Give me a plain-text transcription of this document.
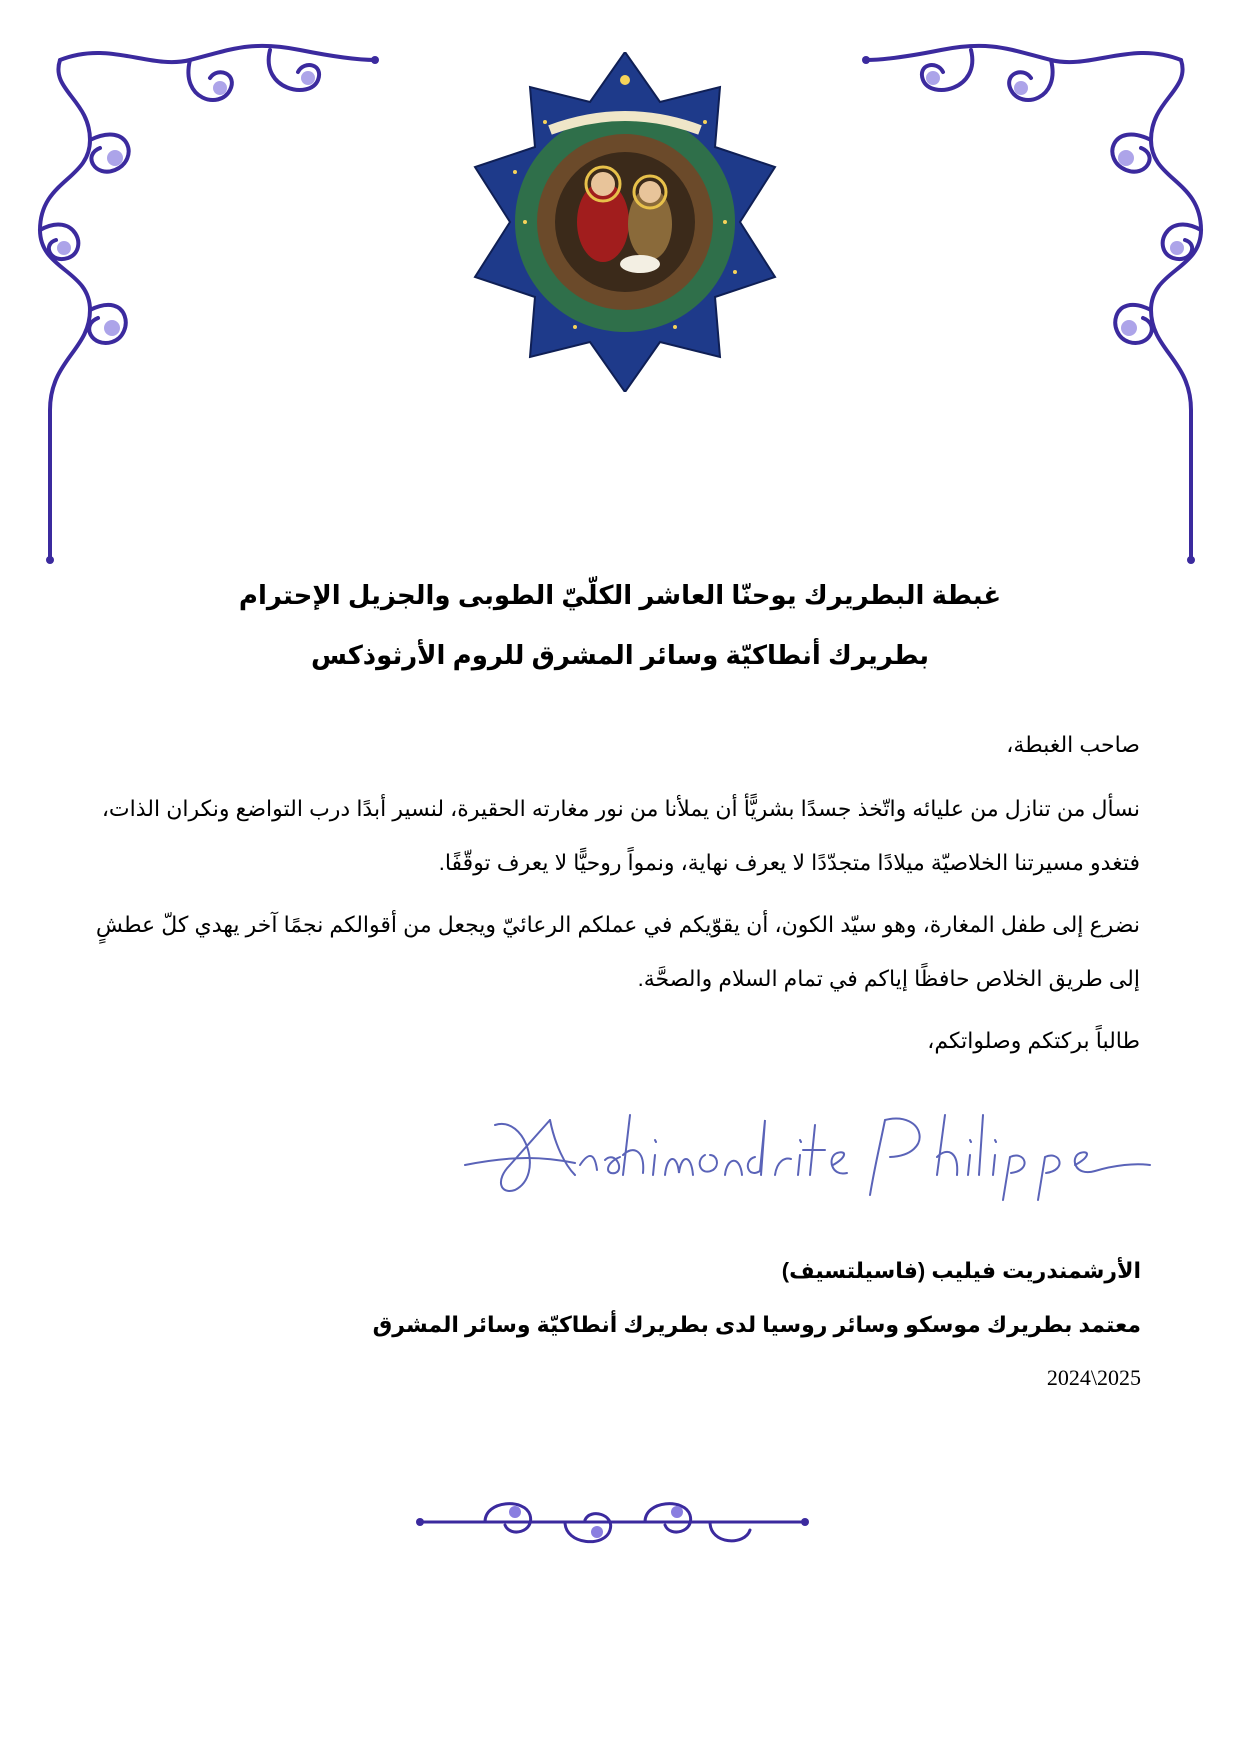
غبطة البطريرك يوحنّا العاشر الكلّيّ الطوبى والجزيل الإحترام
بطريرك أنطاكيّة وسائر المشرق للروم الأرثوذكس
صاحب الغبطة،
نسأل من تنازل من عليائه واتّخذ جسدًا بشريًّأ أن يملأنا من نور مغارته الحقيرة، لنسير أبدًا درب التواضع ونكران الذات، فتغدو مسيرتنا الخلاصيّة ميلادًا متجدّدًا لا يعرف نهاية، ونمواً روحيًّا لا يعرف توقّفًا.
نضرع إلى طفل المغارة، وهو سيّد الكون، أن يقوّيكم في عملكم الرعائيّ ويجعل من أقوالكم نجمًا آخر يهدي كلّ عطشٍ إلى طريق الخلاص حافظًا إياكم في تمام السلام والصحَّة.
طالباً بركتكم وصلواتكم،
الأرشمندريت فيليب (فاسيلتسيف)
معتمد بطريرك موسكو وسائر روسيا لدى بطريرك أنطاكيّة وسائر المشرق
2024\2025
